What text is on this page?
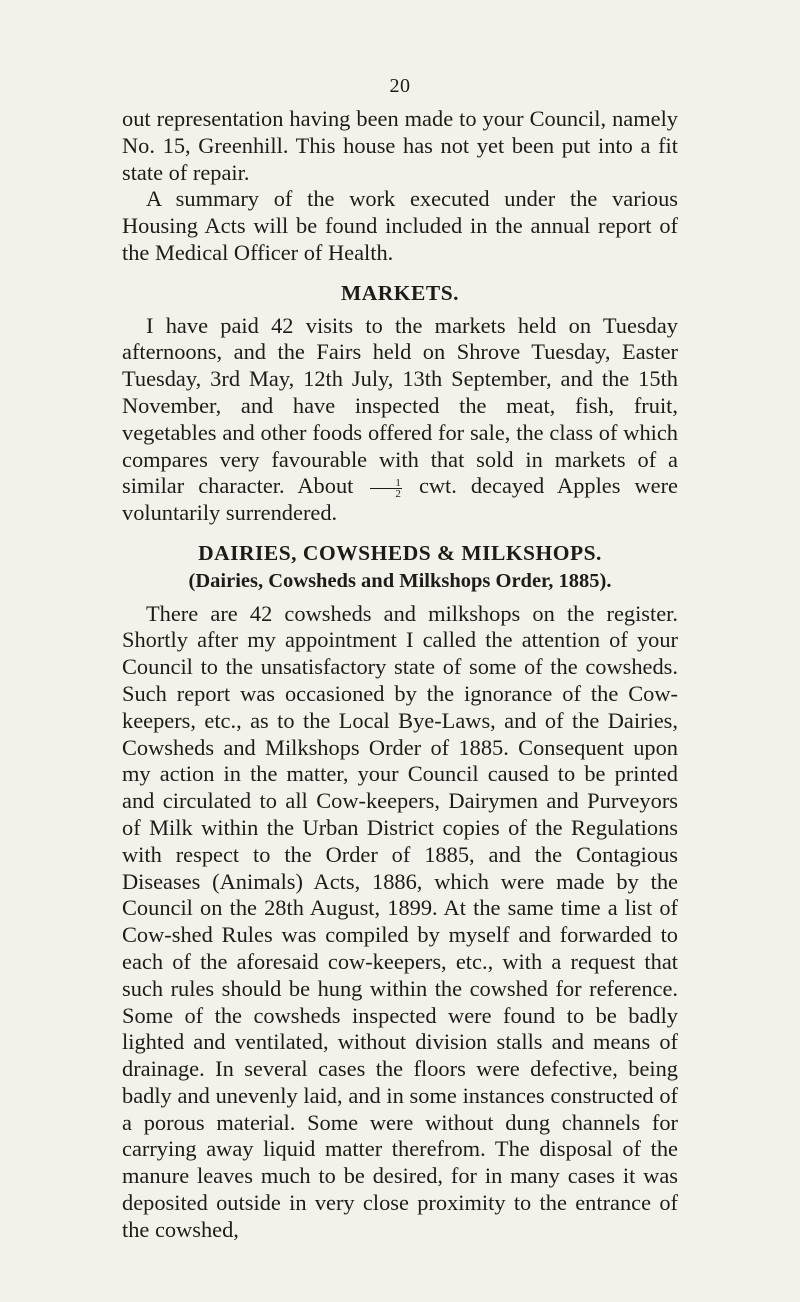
20

out representation having been made to your Council, namely No. 15, Greenhill. This house has not yet been put into a fit state of repair.

A summary of the work executed under the various Housing Acts will be found included in the annual report of the Medical Officer of Health.

MARKETS.

I have paid 42 visits to the markets held on Tuesday afternoons, and the Fairs held on Shrove Tuesday, Easter Tuesday, 3rd May, 12th July, 13th September, and the 15th November, and have inspected the meat, fish, fruit, vegetables and other foods offered for sale, the class of which compares very favourable with that sold in markets of a similar character. About $\frac{1}{2}$ cwt. decayed Apples were voluntarily surrendered.

DAIRIES, COWSHEDS & MILKSHOPS.
(Dairies, Cowsheds and Milkshops Order, 1885).

There are 42 cowsheds and milkshops on the register. Shortly after my appointment I called the attention of your Council to the unsatisfactory state of some of the cowsheds. Such report was occasioned by the ignorance of the Cow-keepers, etc., as to the Local Bye-Laws, and of the Dairies, Cowsheds and Milkshops Order of 1885. Consequent upon my action in the matter, your Council caused to be printed and circulated to all Cow-keepers, Dairymen and Purveyors of Milk within the Urban District copies of the Regulations with respect to the Order of 1885, and the Contagious Diseases (Animals) Acts, 1886, which were made by the Council on the 28th August, 1899. At the same time a list of Cow-shed Rules was compiled by myself and forwarded to each of the aforesaid cow-keepers, etc., with a request that such rules should be hung within the cowshed for reference. Some of the cowsheds inspected were found to be badly lighted and ventilated, without division stalls and means of drainage. In several cases the floors were defective, being badly and unevenly laid, and in some instances constructed of a porous material. Some were without dung channels for carrying away liquid matter therefrom. The disposal of the manure leaves much to be desired, for in many cases it was deposited outside in very close proximity to the entrance of the cowshed,
